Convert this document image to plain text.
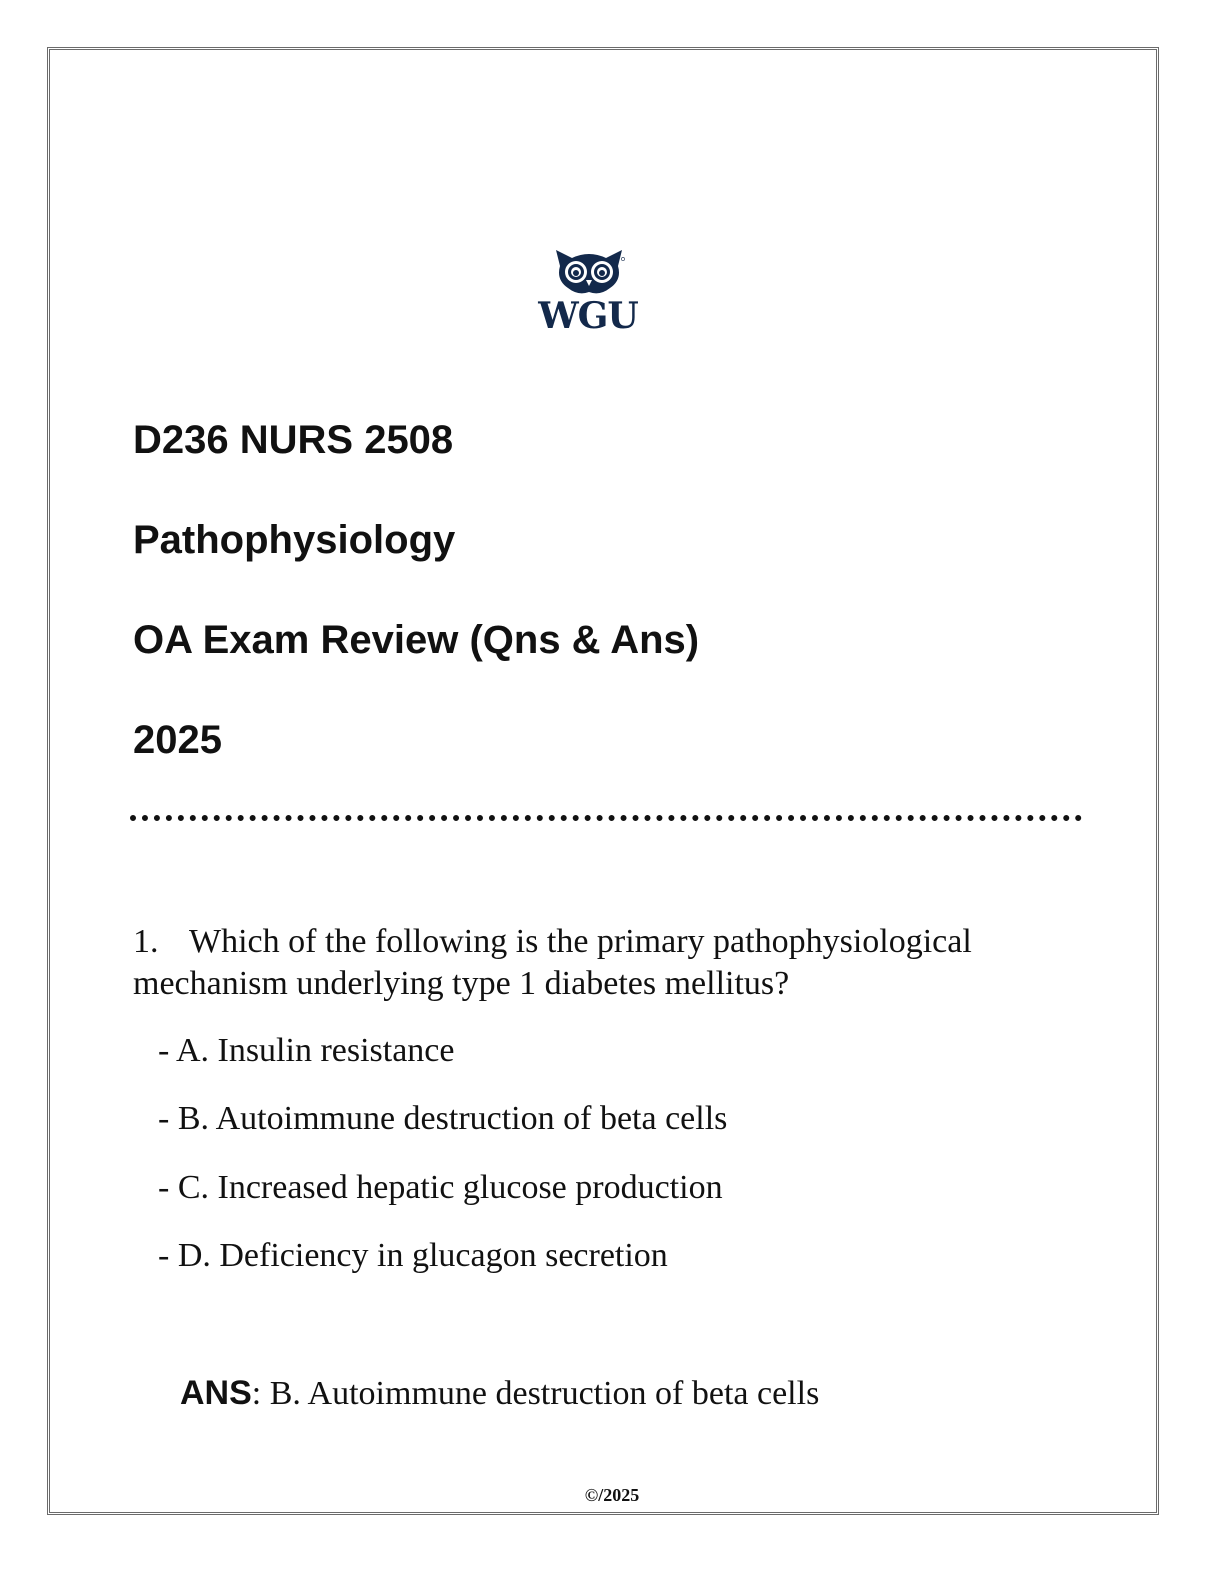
WGU
D236 NURS 2508
Pathophysiology
OA Exam Review (Qns & Ans)
2025

1. Which of the following is the primary pathophysiological mechanism underlying type 1 diabetes mellitus?

- A. Insulin resistance

- B. Autoimmune destruction of beta cells

- C. Increased hepatic glucose production

- D. Deficiency in glucagon secretion

ANS: B. Autoimmune destruction of beta cells

©/2025
